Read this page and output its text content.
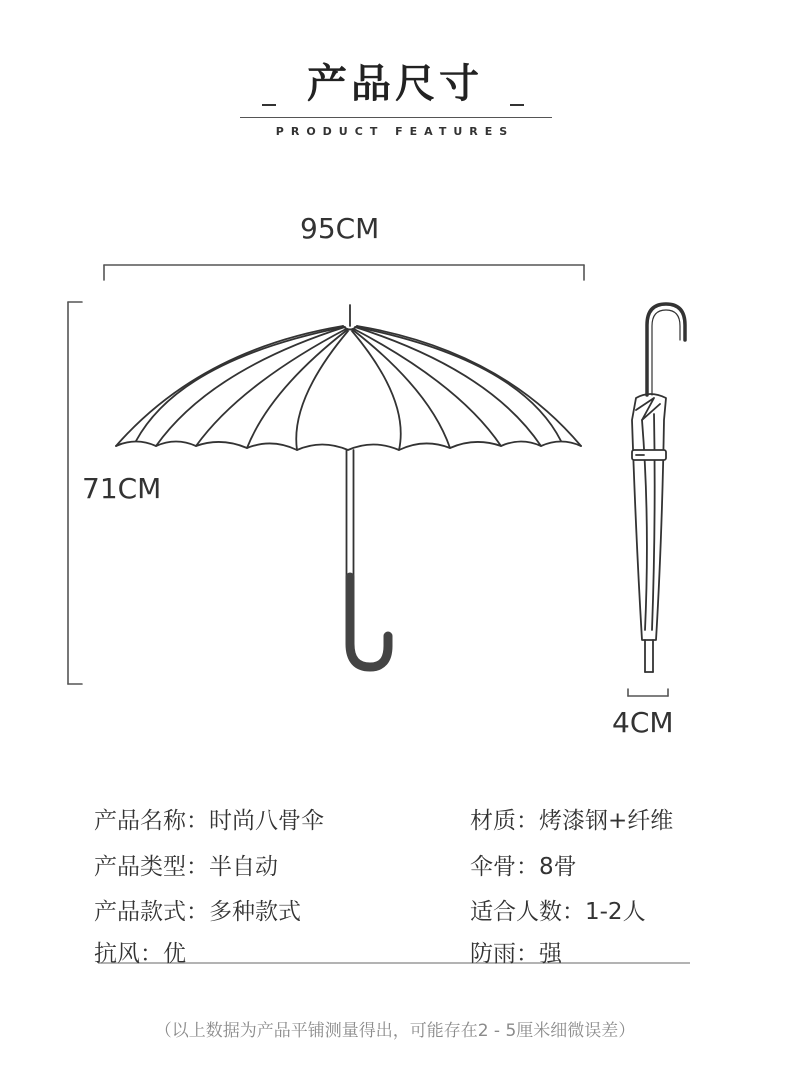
产品尺寸
PRODUCT FEATURES
95CM
71CM
4CM
产品名称：时尚八骨伞
产品类型：半自动
产品款式：多种款式
抗风：优
材质：烤漆钢+纤维
伞骨：8骨
适合人数：1-2人
防雨：强
（以上数据为产品平铺测量得出，可能存在2 - 5厘米细微误差）
